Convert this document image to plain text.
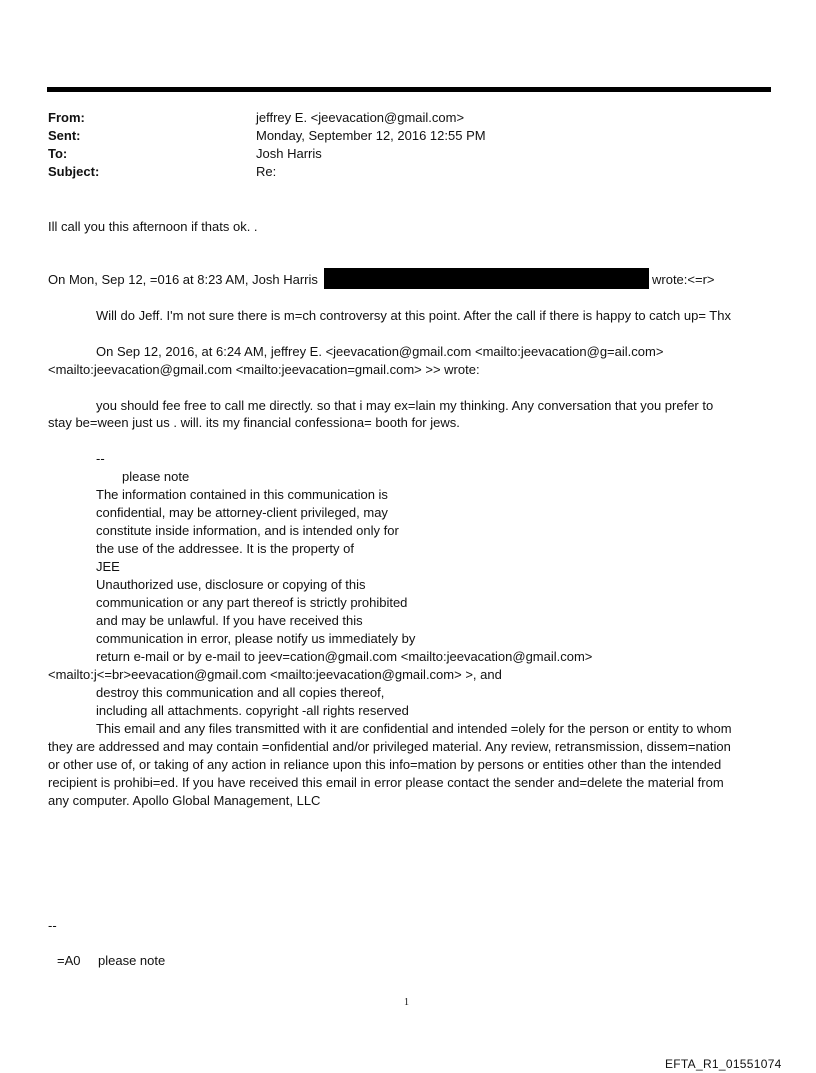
From:	jeffrey E. <jeevacation@gmail.com>
Sent:	Monday, September 12, 2016 12:55 PM
To:	Josh Harris
Subject:	Re:
Ill call you this afternoon if thats ok. .
On Mon, Sep 12, =016 at 8:23 AM, Josh Harris	wrote:<=r>
Will do Jeff. I'm not sure there is m=ch controversy at this point. After the call if there is happy to catch up= Thx
On Sep 12, 2016, at 6:24 AM, jeffrey E. <jeevacation@gmail.com <mailto:jeevacation@g=ail.com>
<mailto:jeevacation@gmail.com <mailto:jeevacation=gmail.com> >> wrote:
you should fee free to call me directly. so that i may ex=lain my thinking. Any conversation that you prefer to
stay be=ween just us . will. its my financial confessiona= booth for jews.
--
please note
The information contained in this communication is
confidential, may be attorney-client privileged, may
constitute inside information, and is intended only for
the use of the addressee. It is the property of
JEE
Unauthorized use, disclosure or copying of this
communication or any part thereof is strictly prohibited
and may be unlawful. If you have received this
communication in error, please notify us immediately by
return e-mail or by e-mail to jeev=cation@gmail.com <mailto:jeevacation@gmail.com>
<mailto:j<=br>eevacation@gmail.com <mailto:jeevacation@gmail.com> >, and
destroy this communication and all copies thereof,
including all attachments. copyright -all rights reserved
This email and any files transmitted with it are confidential and intended =olely for the person or entity to whom
they are addressed and may contain =onfidential and/or privileged material. Any review, retransmission, dissem=nation
or other use of, or taking of any action in reliance upon this info=mation by persons or entities other than the intended
recipient is prohibi=ed. If you have received this email in error please contact the sender and=delete the material from
any computer. Apollo Global Management, LLC
--
=A0 please note
1
EFTA_R1_01551074
